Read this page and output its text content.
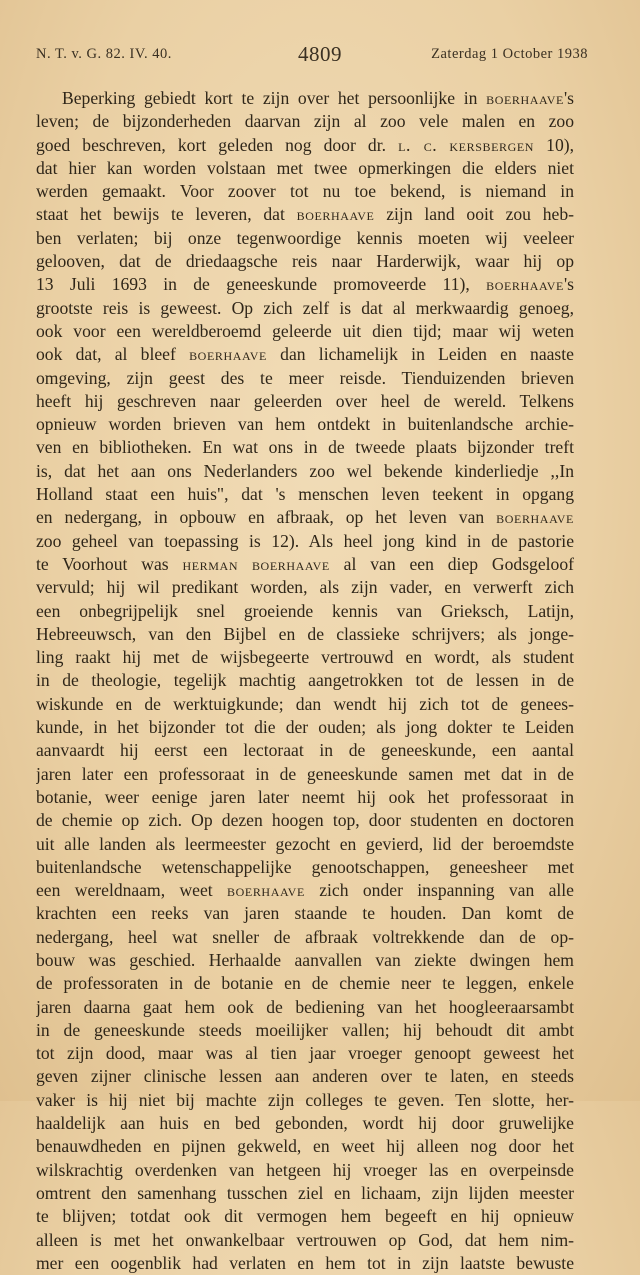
N. T. v. G. 82. IV. 40.	4809	Zaterdag 1 October 1938
Beperking gebiedt kort te zijn over het persoonlijke in boerhaave's
leven; de bijzonderheden daarvan zijn al zoo vele malen en zoo
goed beschreven, kort geleden nog door dr. l. c. kersbergen 10),
dat hier kan worden volstaan met twee opmerkingen die elders niet
werden gemaakt. Voor zoover tot nu toe bekend, is niemand in
staat het bewijs te leveren, dat boerhaave zijn land ooit zou heb-
ben verlaten; bij onze tegenwoordige kennis moeten wij veeleer
gelooven, dat de driedaagsche reis naar Harderwijk, waar hij op
13 Juli 1693 in de geneeskunde promoveerde 11), boerhaave's
grootste reis is geweest. Op zich zelf is dat al merkwaardig genoeg,
ook voor een wereldberoemd geleerde uit dien tijd; maar wij weten
ook dat, al bleef boerhaave dan lichamelijk in Leiden en naaste
omgeving, zijn geest des te meer reisde. Tienduizenden brieven
heeft hij geschreven naar geleerden over heel de wereld. Telkens
opnieuw worden brieven van hem ontdekt in buitenlandsche archie-
ven en bibliotheken. En wat ons in de tweede plaats bijzonder treft
is, dat het aan ons Nederlanders zoo wel bekende kinderliedje ,,In
Holland staat een huis", dat 's menschen leven teekent in opgang
en nedergang, in opbouw en afbraak, op het leven van boerhaave
zoo geheel van toepassing is 12). Als heel jong kind in de pastorie
te Voorhout was herman boerhaave al van een diep Godsgeloof
vervuld; hij wil predikant worden, als zijn vader, en verwerft zich
een onbegrijpelijk snel groeiende kennis van Grieksch, Latijn,
Hebreeuwsch, van den Bijbel en de classieke schrijvers; als jonge-
ling raakt hij met de wijsbegeerte vertrouwd en wordt, als student
in de theologie, tegelijk machtig aangetrokken tot de lessen in de
wiskunde en de werktuigkunde; dan wendt hij zich tot de genees-
kunde, in het bijzonder tot die der ouden; als jong dokter te Leiden
aanvaardt hij eerst een lectoraat in de geneeskunde, een aantal
jaren later een professoraat in de geneeskunde samen met dat in de
botanie, weer eenige jaren later neemt hij ook het professoraat in
de chemie op zich. Op dezen hoogen top, door studenten en doctoren
uit alle landen als leermeester gezocht en gevierd, lid der beroemdste
buitenlandsche wetenschappelijke genootschappen, geneesheer met
een wereldnaam, weet boerhaave zich onder inspanning van alle
krachten een reeks van jaren staande te houden. Dan komt de
nedergang, heel wat sneller de afbraak voltrekkende dan de op-
bouw was geschied. Herhaalde aanvallen van ziekte dwingen hem
de professoraten in de botanie en de chemie neer te leggen, enkele
jaren daarna gaat hem ook de bediening van het hoogleeraarsambt
in de geneeskunde steeds moeilijker vallen; hij behoudt dit ambt
tot zijn dood, maar was al tien jaar vroeger genoopt geweest het
geven zijner clinische lessen aan anderen over te laten, en steeds
vaker is hij niet bij machte zijn colleges te geven. Ten slotte, her-
haaldelijk aan huis en bed gebonden, wordt hij door gruwelijke
benauwdheden en pijnen gekweld, en weet hij alleen nog door het
wilskrachtig overdenken van hetgeen hij vroeger las en overpeinsde
omtrent den samenhang tusschen ziel en lichaam, zijn lijden meester
te blijven; totdat ook dit vermogen hem begeeft en hij opnieuw
alleen is met het onwankelbaar vertrouwen op God, dat hem nim-
mer een oogenblik had verlaten en hem tot in zijn laatste bewuste
